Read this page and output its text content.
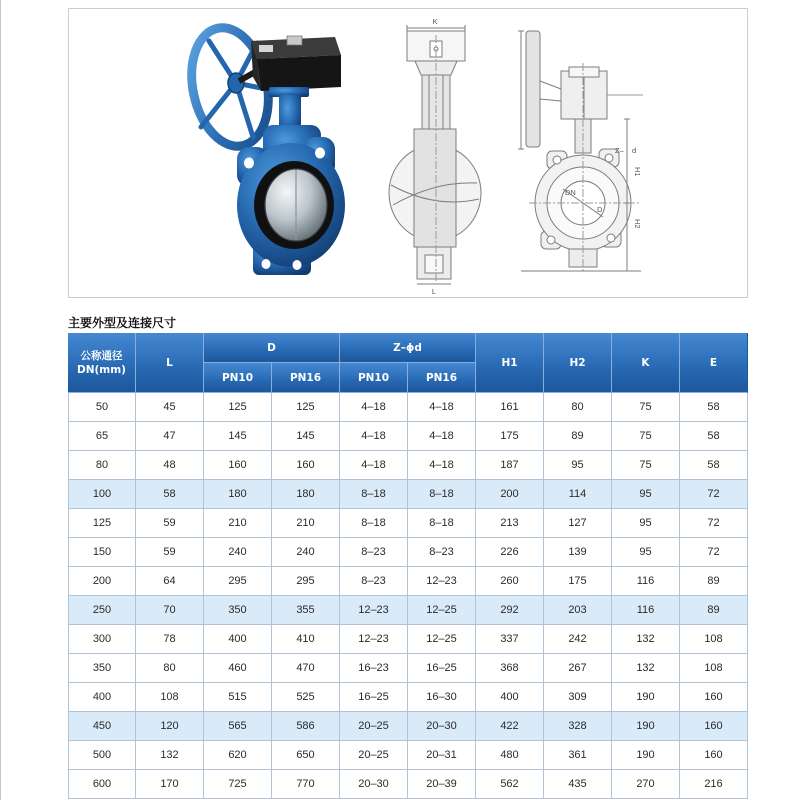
K
L
Z– d
H1
H2
DN
D
主要外型及连接尺寸
公称通径
DN(mm)
L
D	Z–ϕd
H1	H2	K	E
PN10	PN16	PN10	PN16
50	45	125	125	4–18	4–18	161	80	75	58
65	47	145	145	4–18	4–18	175	89	75	58
80	48	160	160	4–18	4–18	187	95	75	58
100	58	180	180	8–18	8–18	200	114	95	72
125	59	210	210	8–18	8–18	213	127	95	72
150	59	240	240	8–23	8–23	226	139	95	72
200	64	295	295	8–23	12–23	260	175	116	89
250	70	350	355	12–23	12–25	292	203	116	89
300	78	400	410	12–23	12–25	337	242	132	108
350	80	460	470	16–23	16–25	368	267	132	108
400	108	515	525	16–25	16–30	400	309	190	160
450	120	565	586	20–25	20–30	422	328	190	160
500	132	620	650	20–25	20–31	480	361	190	160
600	170	725	770	20–30	20–39	562	435	270	216
